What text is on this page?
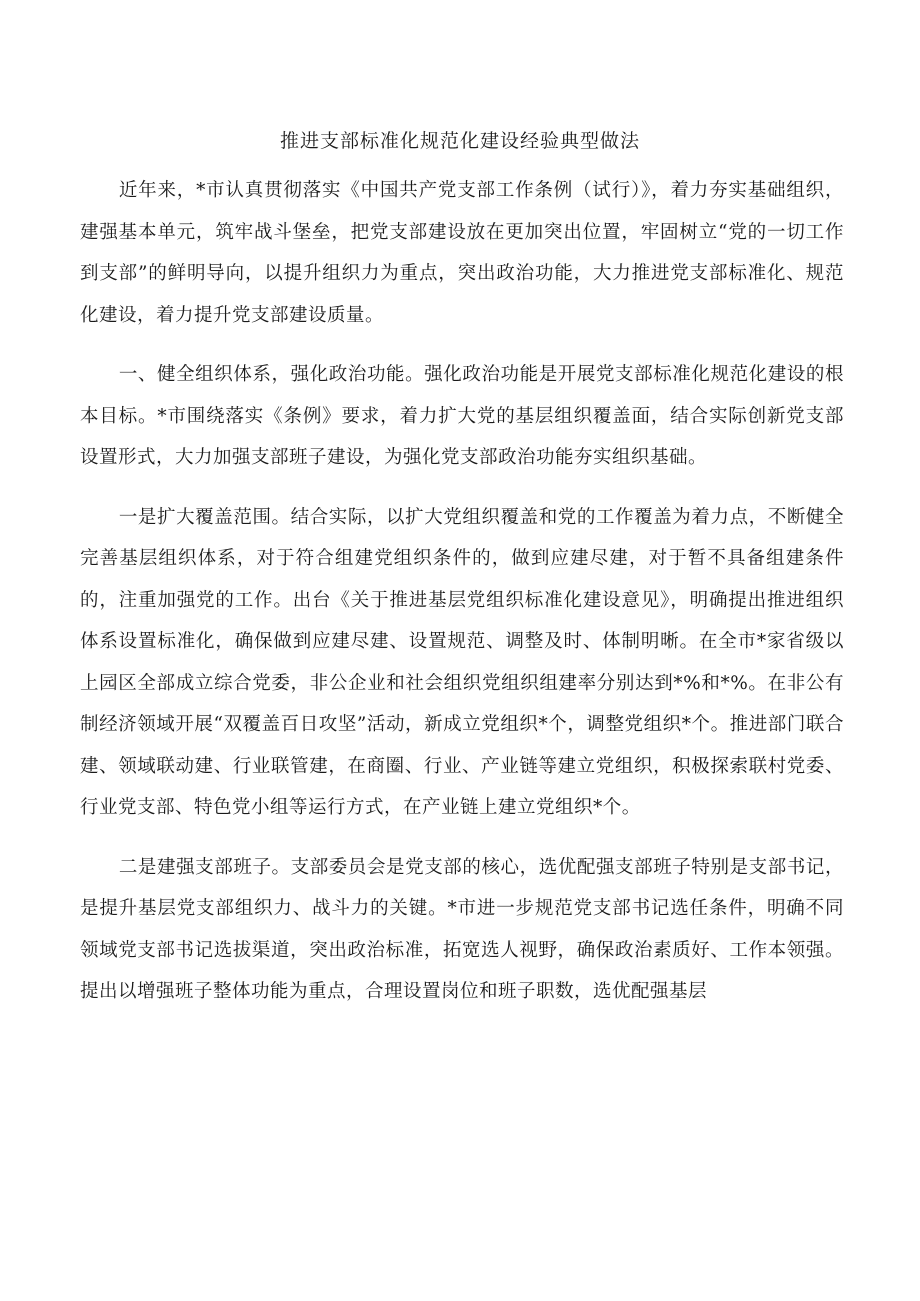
推进支部标准化规范化建设经验典型做法

近年来，*市认真贯彻落实《中国共产党支部工作条例（试行）》，着力夯实基础组织，建强基本单元，筑牢战斗堡垒，把党支部建设放在更加突出位置，牢固树立“党的一切工作到支部”的鲜明导向，以提升组织力为重点，突出政治功能，大力推进党支部标准化、规范化建设，着力提升党支部建设质量。

一、健全组织体系，强化政治功能。强化政治功能是开展党支部标准化规范化建设的根本目标。*市围绕落实《条例》要求，着力扩大党的基层组织覆盖面，结合实际创新党支部设置形式，大力加强支部班子建设，为强化党支部政治功能夯实组织基础。

一是扩大覆盖范围。结合实际，以扩大党组织覆盖和党的工作覆盖为着力点，不断健全完善基层组织体系，对于符合组建党组织条件的，做到应建尽建，对于暂不具备组建条件的，注重加强党的工作。出台《关于推进基层党组织标准化建设意见》，明确提出推进组织体系设置标准化，确保做到应建尽建、设置规范、调整及时、体制明晰。在全市*家省级以上园区全部成立综合党委，非公企业和社会组织党组织组建率分别达到*%和*%。在非公有制经济领域开展“双覆盖百日攻坚”活动，新成立党组织*个，调整党组织*个。推进部门联合建、领域联动建、行业联管建，在商圈、行业、产业链等建立党组织，积极探索联村党委、行业党支部、特色党小组等运行方式，在产业链上建立党组织*个。

二是建强支部班子。支部委员会是党支部的核心，选优配强支部班子特别是支部书记，是提升基层党支部组织力、战斗力的关键。*市进一步规范党支部书记选任条件，明确不同领域党支部书记选拔渠道，突出政治标准，拓宽选人视野，确保政治素质好、工作本领强。提出以增强班子整体功能为重点，合理设置岗位和班子职数，选优配强基层
